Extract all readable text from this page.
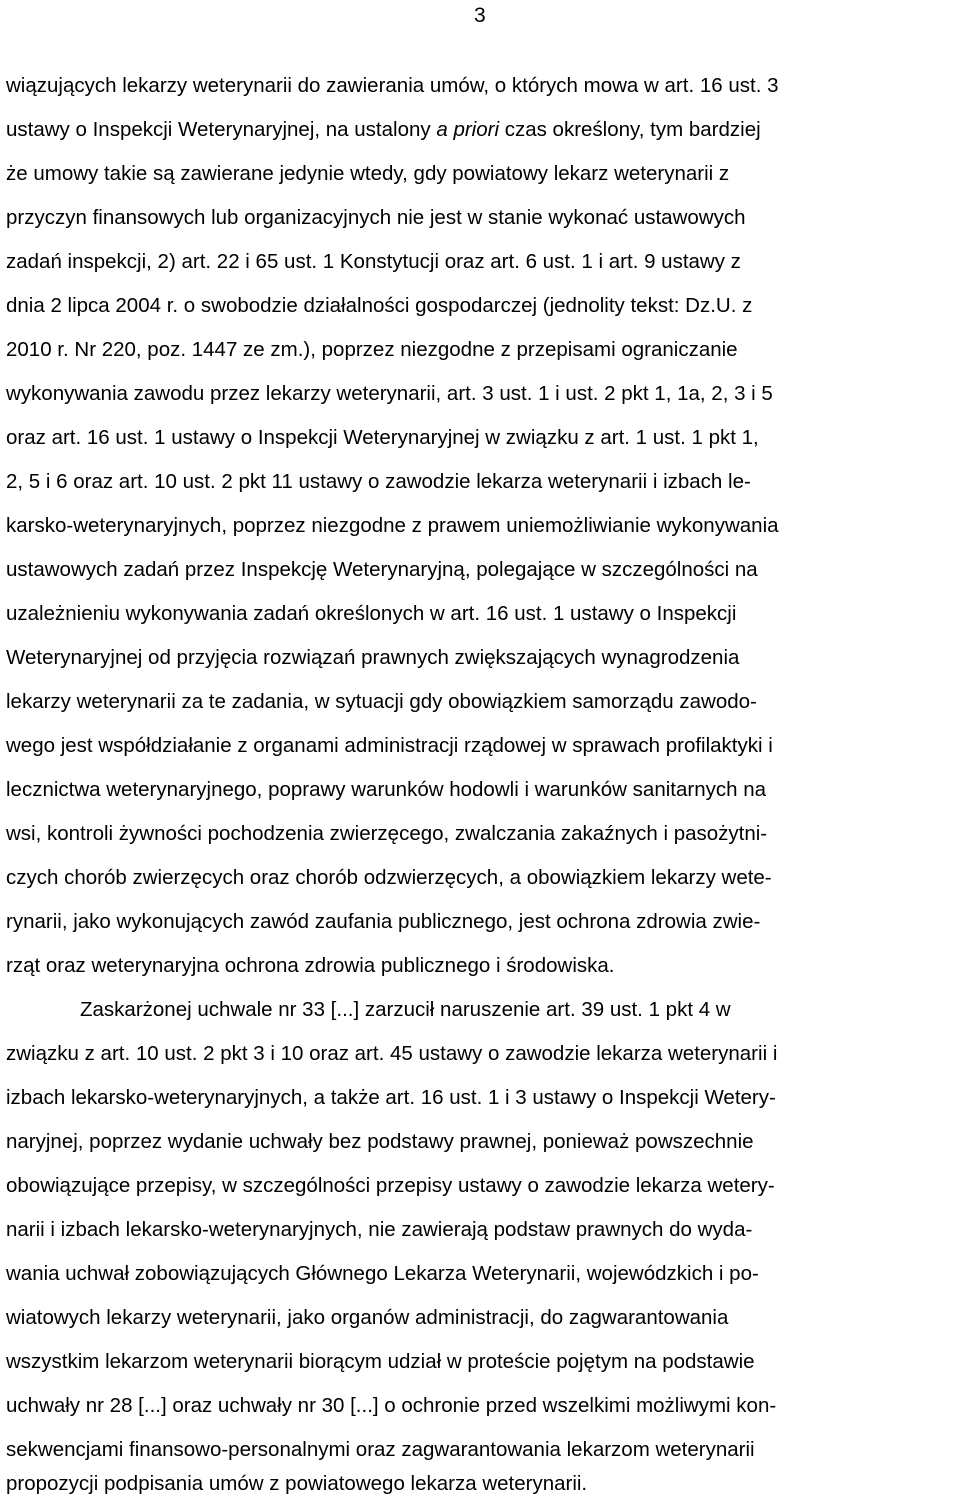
3
wiązujących lekarzy weterynarii do zawierania umów, o których mowa w art. 16 ust. 3
ustawy o Inspekcji Weterynaryjnej, na ustalony a priori czas określony, tym bardziej
że umowy takie są zawierane jedynie wtedy, gdy powiatowy lekarz weterynarii z
przyczyn finansowych lub organizacyjnych nie jest w stanie wykonać ustawowych
zadań inspekcji, 2) art. 22 i 65 ust. 1 Konstytucji oraz art. 6 ust. 1 i art. 9 ustawy z
dnia 2 lipca 2004 r. o swobodzie działalności gospodarczej (jednolity tekst: Dz.U. z
2010 r. Nr 220, poz. 1447 ze zm.), poprzez niezgodne z przepisami ograniczanie
wykonywania zawodu przez lekarzy weterynarii, art. 3 ust. 1 i ust. 2 pkt 1, 1a, 2, 3 i 5
oraz art. 16 ust. 1 ustawy o Inspekcji Weterynaryjnej w związku z art. 1 ust. 1 pkt 1,
2, 5 i 6 oraz art. 10 ust. 2 pkt 11 ustawy o zawodzie lekarza weterynarii i izbach le-
karsko-weterynaryjnych, poprzez niezgodne z prawem uniemożliwianie wykonywania
ustawowych zadań przez Inspekcję Weterynaryjną, polegające w szczególności na
uzależnieniu wykonywania zadań określonych w art. 16 ust. 1 ustawy o Inspekcji
Weterynaryjnej od przyjęcia rozwiązań prawnych zwiększających wynagrodzenia
lekarzy weterynarii za te zadania, w sytuacji gdy obowiązkiem samorządu zawodo-
wego jest współdziałanie z organami administracji rządowej w sprawach profilaktyki i
lecznictwa weterynaryjnego, poprawy warunków hodowli i warunków sanitarnych na
wsi, kontroli żywności pochodzenia zwierzęcego, zwalczania zakaźnych i pasożytni-
czych chorób zwierzęcych oraz chorób odzwierzęcych, a obowiązkiem lekarzy wete-
rynarii, jako wykonujących zawód zaufania publicznego, jest ochrona zdrowia zwie-
rząt oraz weterynaryjna ochrona zdrowia publicznego i środowiska.
Zaskarżonej uchwale nr 33 [...] zarzucił naruszenie art. 39 ust. 1 pkt 4 w
związku z art. 10 ust. 2 pkt 3 i 10 oraz art. 45 ustawy o zawodzie lekarza weterynarii i
izbach lekarsko-weterynaryjnych, a także art. 16 ust. 1 i 3 ustawy o Inspekcji Wetery-
naryjnej, poprzez wydanie uchwały bez podstawy prawnej, ponieważ powszechnie
obowiązujące przepisy, w szczególności przepisy ustawy o zawodzie lekarza wetery-
narii i izbach lekarsko-weterynaryjnych, nie zawierają podstaw prawnych do wyda-
wania uchwał zobowiązujących Głównego Lekarza Weterynarii, wojewódzkich i po-
wiatowych lekarzy weterynarii, jako organów administracji, do zagwarantowania
wszystkim lekarzom weterynarii biorącym udział w proteście pojętym na podstawie
uchwały nr 28 [...] oraz uchwały nr 30 [...] o ochronie przed wszelkimi możliwymi kon-
sekwencjami finansowo-personalnymi oraz zagwarantowania lekarzom weterynarii
propozycji podpisania umów z powiatowego lekarza weterynarii.
